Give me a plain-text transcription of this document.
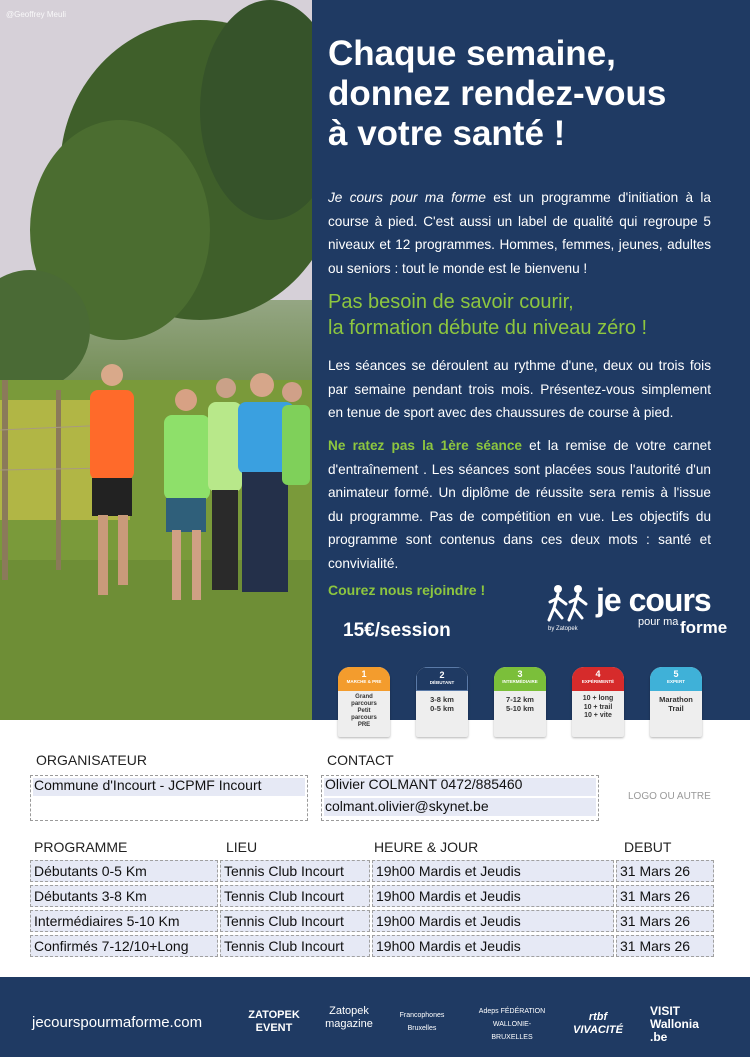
@Geoffrey Meuli
Chaque semaine,
donnez rendez-vous
à votre santé !

Je cours pour ma forme est un programme d'initiation à la course à pied. C'est aussi un label de qualité qui regroupe 5 niveaux et 12 programmes. Hommes, femmes, jeunes, adultes ou seniors : tout le monde est le bienvenu !

Pas besoin de savoir courir,
la formation débute du niveau zéro !

Les séances se déroulent au rythme d'une, deux ou trois fois par semaine pendant trois mois. Présentez-vous simplement en tenue de sport avec des chaussures de course à pied.

Ne ratez pas la 1ère séance et la remise de votre carnet d'entraînement . Les séances sont placées sous l'autorité d'un animateur formé. Un diplôme de réussite sera remis à l'issue du programme. Pas de compétition en vue. Les objectifs du programme sont contenus dans ces deux mots : santé et convivialité.

Courez nous rejoindre !
15€/session
je cours
pour ma forme
by Zatopek
1
MARCHE & PRE
Grand
parcours
Petit
parcours
PRE
2
DÉBUTANT
3-8 km
0-5 km
3
INTERMÉDIAIRE
7-12 km
5-10 km
4
EXPÉRIMENTÉ
10 + long
10 + trail
10 + vite
5
EXPERT
Marathon
Trail
ORGANISATEUR
Commune d'Incourt - JCPMF Incourt
CONTACT
Olivier COLMANT 0472/885460
colmant.olivier@skynet.be
LOGO OU AUTRE
PROGRAMME	LIEU	HEURE & JOUR	DEBUT
Débutants 0-5 Km	Tennis Club Incourt	19h00 Mardis et Jeudis	31 Mars 26
Débutants 3-8 Km	Tennis Club Incourt	19h00 Mardis et Jeudis	31 Mars 26
Intermédiaires 5-10 Km	Tennis Club Incourt	19h00 Mardis et Jeudis	31 Mars 26
Confirmés 7-12/10+Long	Tennis Club Incourt	19h00 Mardis et Jeudis	31 Mars 26
jecourspourmaforme.com	ZATOPEK EVENT
Zatopek magazine
Francophones Bruxelles
Adeps FÉDÉRATION WALLONIE-BRUXELLES
rtbf VIVACITÉ
VISIT Wallonia .be
